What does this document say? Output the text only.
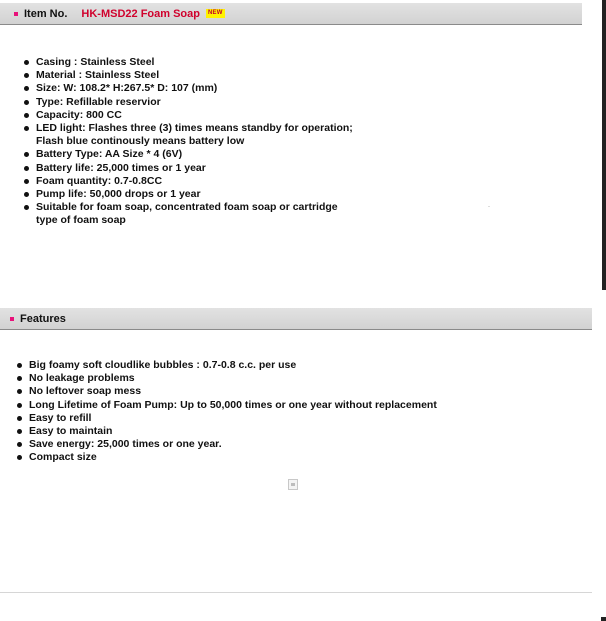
Item No. HK-MSD22 Foam Soap	NEW
Casing : Stainless Steel
Material : Stainless Steel
Size: W: 108.2* H:267.5* D: 107 (mm)
Type: Refillable reservior
Capacity: 800 CC
LED light: Flashes three (3) times means standby for operation; Flash blue continously means battery low
Battery Type: AA Size * 4 (6V)
Battery life: 25,000 times or 1 year
Foam quantity: 0.7-0.8CC
Pump life: 50,000 drops or 1 year
Suitable for foam soap, concentrated foam soap or cartridge type of foam soap
Features
Big foamy soft cloudlike bubbles : 0.7-0.8 c.c. per use
No leakage problems
No leftover soap mess
Long Lifetime of Foam Pump: Up to 50,000 times or one year without replacement
Easy to refill
Easy to maintain
Save energy: 25,000 times or one year.
Compact size
